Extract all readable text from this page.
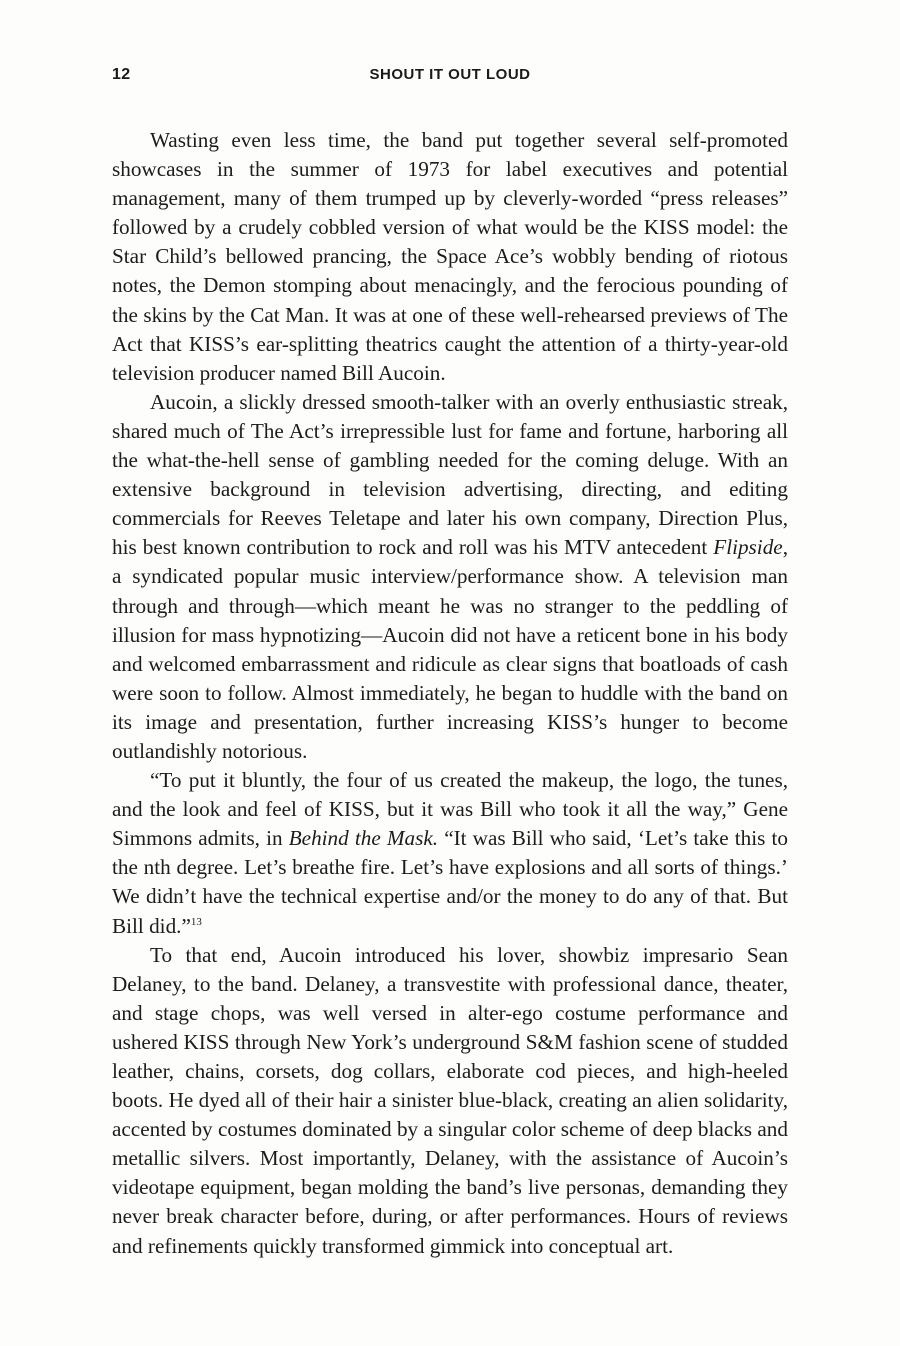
12	SHOUT IT OUT LOUD

Wasting even less time, the band put together several self-promoted showcases in the summer of 1973 for label executives and potential management, many of them trumped up by cleverly-worded “press releases” followed by a crudely cobbled version of what would be the KISS model: the Star Child’s bellowed prancing, the Space Ace’s wobbly bending of riotous notes, the Demon stomping about menacingly, and the ferocious pounding of the skins by the Cat Man. It was at one of these well-rehearsed previews of The Act that KISS’s ear-splitting theatrics caught the attention of a thirty-year-old television producer named Bill Aucoin.

Aucoin, a slickly dressed smooth-talker with an overly enthusiastic streak, shared much of The Act’s irrepressible lust for fame and fortune, harboring all the what-the-hell sense of gambling needed for the coming deluge. With an extensive background in television advertising, directing, and editing commercials for Reeves Teletape and later his own company, Direction Plus, his best known contribution to rock and roll was his MTV antecedent Flipside, a syndicated popular music interview/performance show. A television man through and through—which meant he was no stranger to the peddling of illusion for mass hypnotizing—Aucoin did not have a reticent bone in his body and welcomed embarrassment and ridicule as clear signs that boatloads of cash were soon to follow. Almost immediately, he began to huddle with the band on its image and presentation, further increasing KISS’s hunger to become outlandishly notorious.

“To put it bluntly, the four of us created the makeup, the logo, the tunes, and the look and feel of KISS, but it was Bill who took it all the way,” Gene Simmons admits, in Behind the Mask. “It was Bill who said, ‘Let’s take this to the nth degree. Let’s breathe fire. Let’s have explosions and all sorts of things.’ We didn’t have the technical expertise and/or the money to do any of that. But Bill did.”$^{13}$

To that end, Aucoin introduced his lover, showbiz impresario Sean Delaney, to the band. Delaney, a transvestite with professional dance, theater, and stage chops, was well versed in alter-ego costume performance and ushered KISS through New York’s underground S&M fashion scene of studded leather, chains, corsets, dog collars, elaborate cod pieces, and high-heeled boots. He dyed all of their hair a sinister blue-black, creating an alien solidarity, accented by costumes dominated by a singular color scheme of deep blacks and metallic silvers. Most importantly, Delaney, with the assistance of Aucoin’s videotape equipment, began molding the band’s live personas, demanding they never break character before, during, or after performances. Hours of reviews and refinements quickly transformed gimmick into conceptual art.
